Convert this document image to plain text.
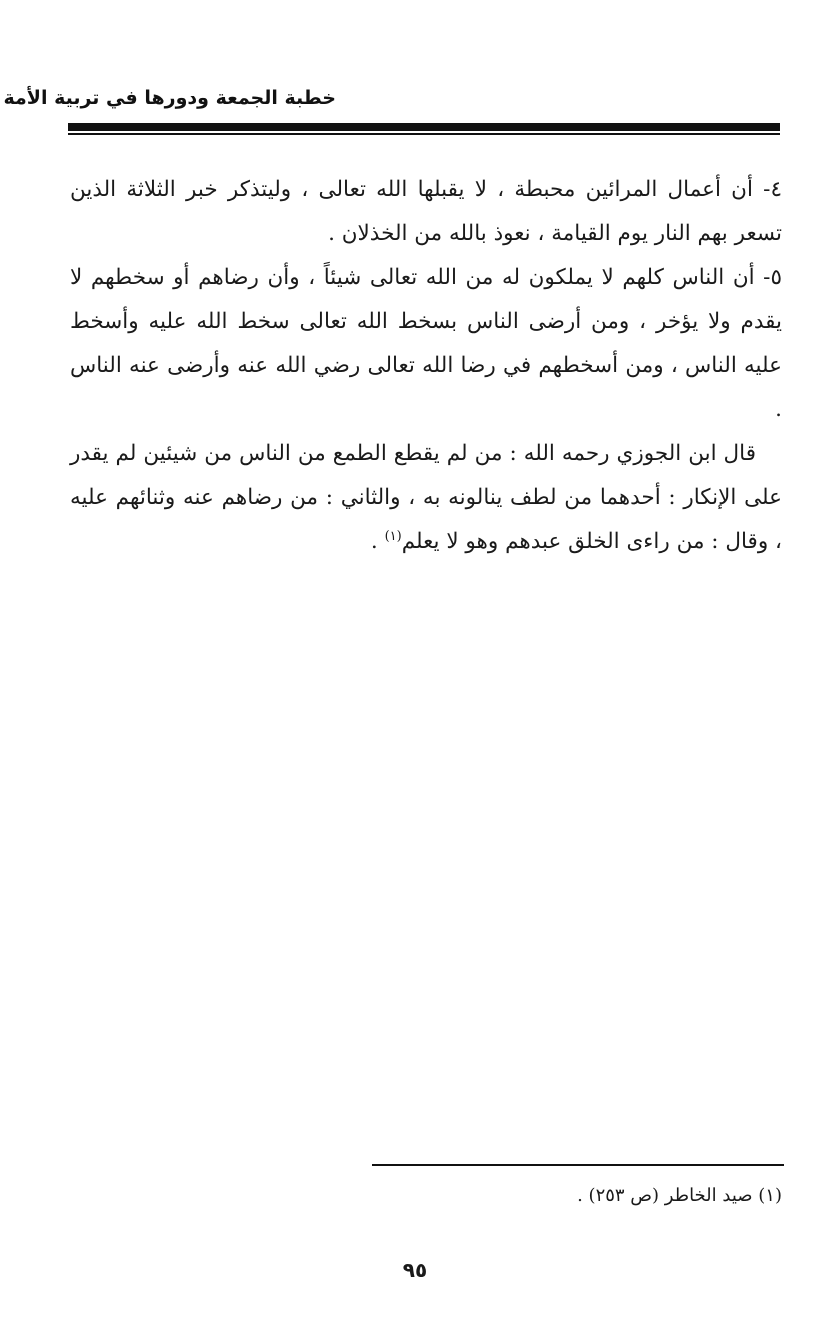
خطبة الجمعة ودورها في تربية الأمة

٤- أن أعمال المرائين محبطة ، لا يقبلها الله تعالى ، وليتذكر خبر الثلاثة الذين تسعر بهم النار يوم القيامة ، نعوذ بالله من الخذلان .

٥- أن الناس كلهم لا يملكون له من الله تعالى شيئاً ، وأن رضاهم أو سخطهم لا يقدم ولا يؤخر ، ومن أرضى الناس بسخط الله تعالى سخط الله عليه وأسخط عليه الناس ، ومن أسخطهم في رضا الله تعالى رضي الله عنه وأرضى عنه الناس .

قال ابن الجوزي رحمه الله : من لم يقطع الطمع من الناس من شيئين لم يقدر على الإنكار : أحدهما من لطف ينالونه به ، والثاني : من رضاهم عنه وثنائهم عليه ، وقال : من راءى الخلق عبدهم وهو لا يعلم$^{(١)}$ .

(١) صيد الخاطر (ص ٢٥٣) .
٩٥
